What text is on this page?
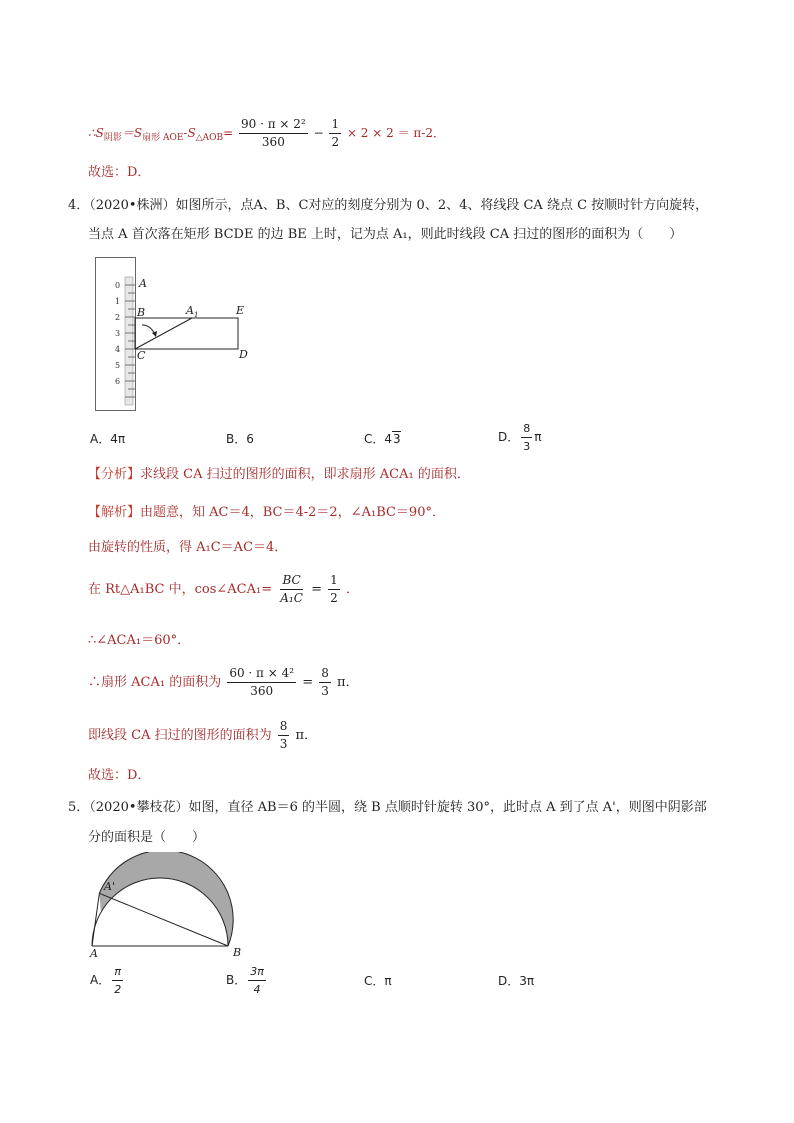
$\therefore S_{阴影}=S_{扇形 AOE}-S_{\triangle AOB}= \frac{\text{90 · π × 2²}}{360} - \frac{1}{2} \times 2 \times 2 = \pi-2$．
故选：D．
4．（2020•株洲）如图所示，点A、B、C对应的刻度分别为 0、2、4、将线段 CA 绕点 C 按顺时针方向旋转，
当点 A 首次落在矩形 BCDE 的边 BE 上时，记为点 A₁，则此时线段 CA 扫过的图形的面积为（　　）
0
1
2
3
4
5
6
A
B
C
$A_1$	E
D
A．4π	B．6	C．43	D． $\frac{8}{3}$ π
【分析】求线段 CA 扫过的图形的面积，即求扇形 ACA₁ 的面积．
【解析】由题意，知 AC＝4，BC＝4-2＝2，∠A₁BC＝90°．
由旋转的性质，得 A₁C＝AC＝4．
在 Rt△A₁BC 中，cos∠ACA₁= $\frac{BC}{\text{A₁C}} = \frac{1}{2}$ ．
∴∠ACA₁＝60°．
∴扇形 ACA₁ 的面积为 $\frac{\text{60 · π × 4²}}{360} = \frac{8}{3}$ π．
即线段 CA 扫过的图形的面积为 $\frac{8}{3}$ π．
故选：D．
5．（2020•攀枝花）如图，直径 AB＝6 的半圆，绕 B 点顺时针旋转 30°，此时点 A 到了点 A'，则图中阴影部
分的面积是（　　）
A'
A	B
A． $\frac{\pi}{2}$	B． $\frac{3\pi}{4}$	C．π	D．3π
